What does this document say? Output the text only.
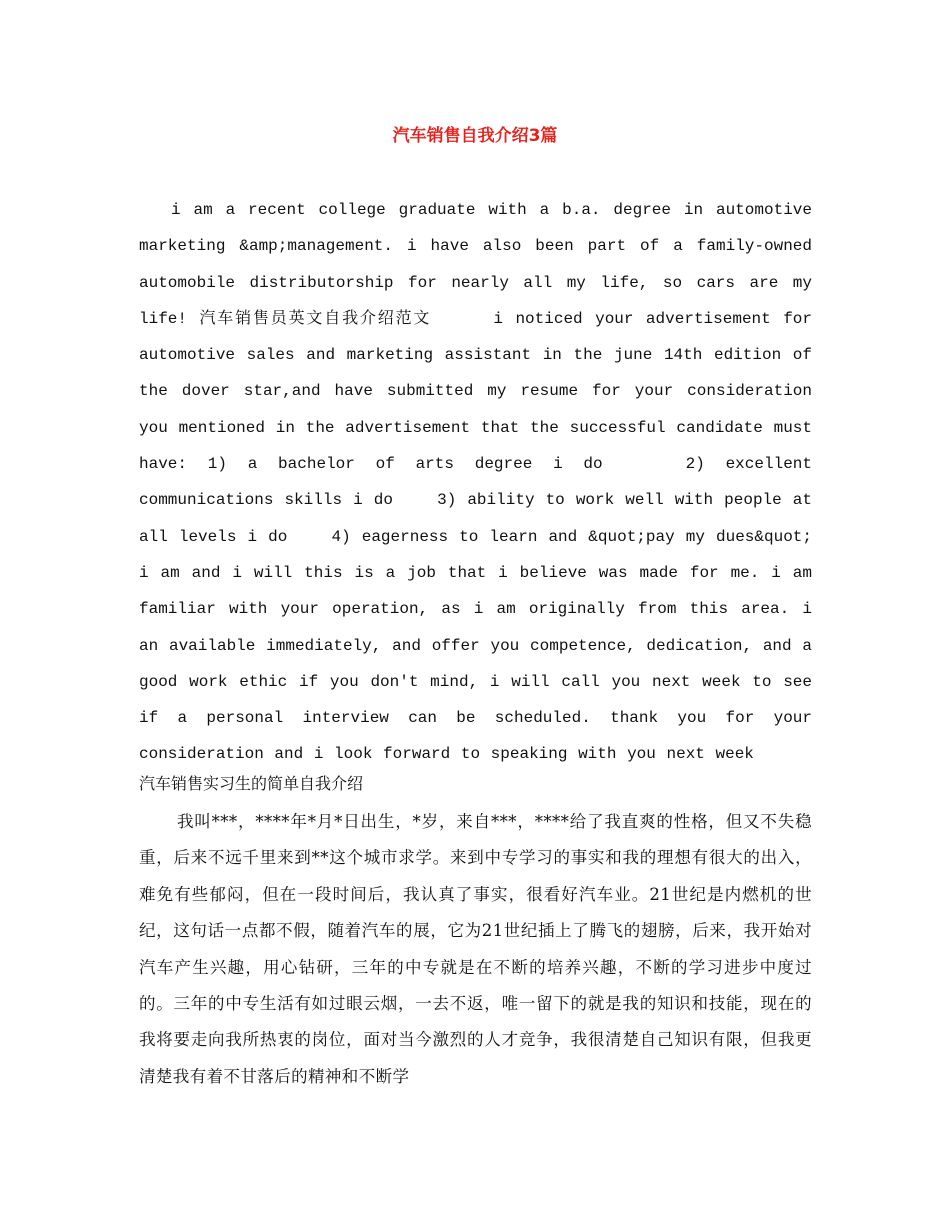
汽车销售自我介绍3篇

i am a recent college graduate with a b.a. degree in automotive marketing &amp;management. i have also been part of a family-owned automobile distributorship for nearly all my life, so cars are my life! 汽车销售员英文自我介绍范文     i noticed your advertisement for automotive sales and marketing assistant in the june 14th edition of the dover star,and have submitted my resume for your consideration    you mentioned in the advertisement that the successful candidate must have: 1) a bachelor of arts degree i do    2) excellent communications skills i do    3) ability to work well with people at all levels i do    4) eagerness to learn and &quot;pay my dues&quot; i am and i will this is a job that i believe was made for me. i am familiar with your operation, as i am originally from this area. i an available immediately, and offer you competence, dedication, and a good work ethic if you don't mind, i will call you next week to see if a personal interview can be scheduled. thank you for your consideration and i look forward to speaking with you next week

汽车销售实习生的简单自我介绍

我叫***，****年*月*日出生，*岁，来自***，****给了我直爽的性格，但又不失稳重，后来不远千里来到**这个城市求学。来到中专学习的事实和我的理想有很大的出入，难免有些郁闷，但在一段时间后，我认真了事实，很看好汽车业。21世纪是内燃机的世纪，这句话一点都不假，随着汽车的展，它为21世纪插上了腾飞的翅膀，后来，我开始对汽车产生兴趣，用心钻研，三年的中专就是在不断的培养兴趣，不断的学习进步中度过的。三年的中专生活有如过眼云烟，一去不返，唯一留下的就是我的知识和技能，现在的我将要走向我所热衷的岗位，面对当今激烈的人才竞争，我很清楚自己知识有限，但我更清楚我有着不甘落后的精神和不断学
